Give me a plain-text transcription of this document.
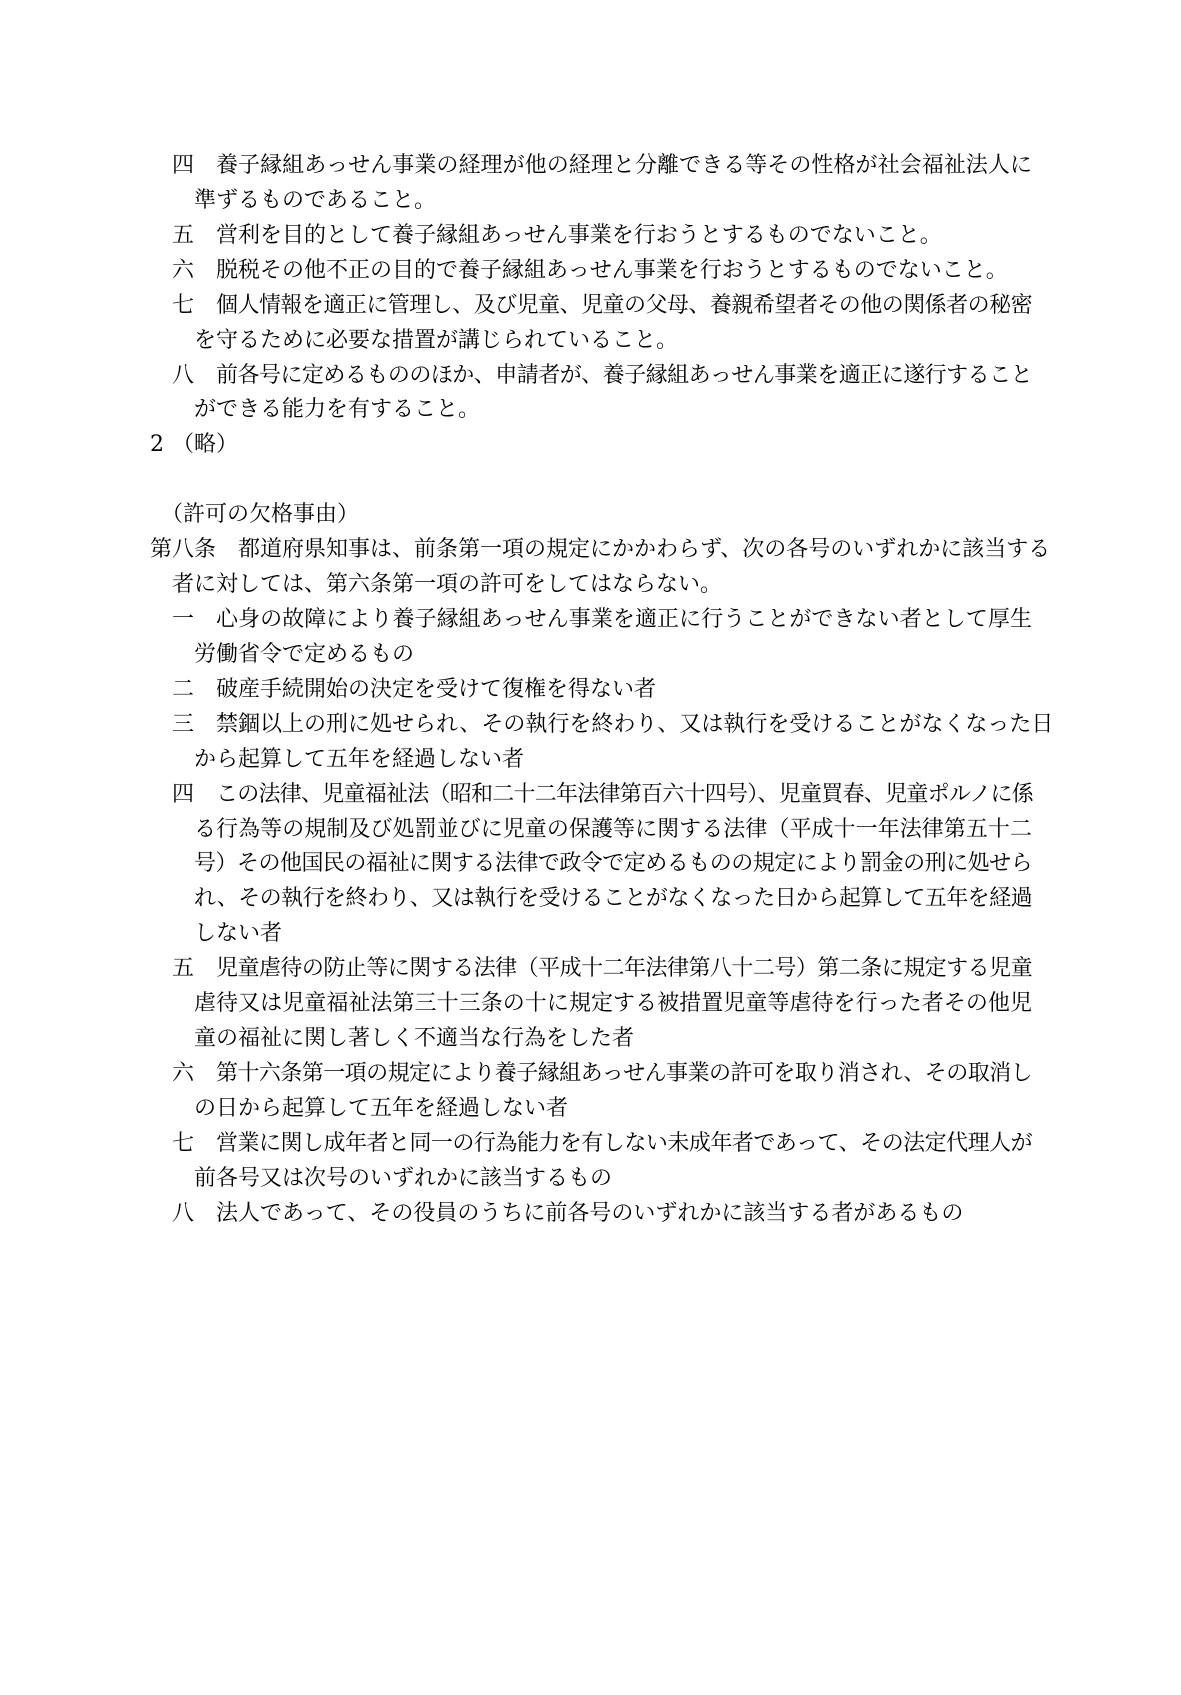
四 養子縁組あっせん事業の経理が他の経理と分離できる等その性格が社会福祉法人に
準ずるものであること。
五 営利を目的として養子縁組あっせん事業を行おうとするものでないこと。
六 脱税その他不正の目的で養子縁組あっせん事業を行おうとするものでないこと。
七 個人情報を適正に管理し、及び児童、児童の父母、養親希望者その他の関係者の秘密
を守るために必要な措置が講じられていること。
八 前各号に定めるもののほか、申請者が、養子縁組あっせん事業を適正に遂行すること
ができる能力を有すること。
2 （略）
（許可の欠格事由）
第八条 都道府県知事は、前条第一項の規定にかかわらず、次の各号のいずれかに該当する
者に対しては、第六条第一項の許可をしてはならない。
一 心身の故障により養子縁組あっせん事業を適正に行うことができない者として厚生
労働省令で定めるもの
二 破産手続開始の決定を受けて復権を得ない者
三 禁錮以上の刑に処せられ、その執行を終わり、又は執行を受けることがなくなった日
から起算して五年を経過しない者
四 この法律、児童福祉法（昭和二十二年法律第百六十四号）、児童買春、児童ポルノに係
る行為等の規制及び処罰並びに児童の保護等に関する法律（平成十一年法律第五十二
号）その他国民の福祉に関する法律で政令で定めるものの規定により罰金の刑に処せら
れ、その執行を終わり、又は執行を受けることがなくなった日から起算して五年を経過
しない者
五 児童虐待の防止等に関する法律（平成十二年法律第八十二号）第二条に規定する児童
虐待又は児童福祉法第三十三条の十に規定する被措置児童等虐待を行った者その他児
童の福祉に関し著しく不適当な行為をした者
六 第十六条第一項の規定により養子縁組あっせん事業の許可を取り消され、その取消し
の日から起算して五年を経過しない者
七 営業に関し成年者と同一の行為能力を有しない未成年者であって、その法定代理人が
前各号又は次号のいずれかに該当するもの
八 法人であって、その役員のうちに前各号のいずれかに該当する者があるもの
